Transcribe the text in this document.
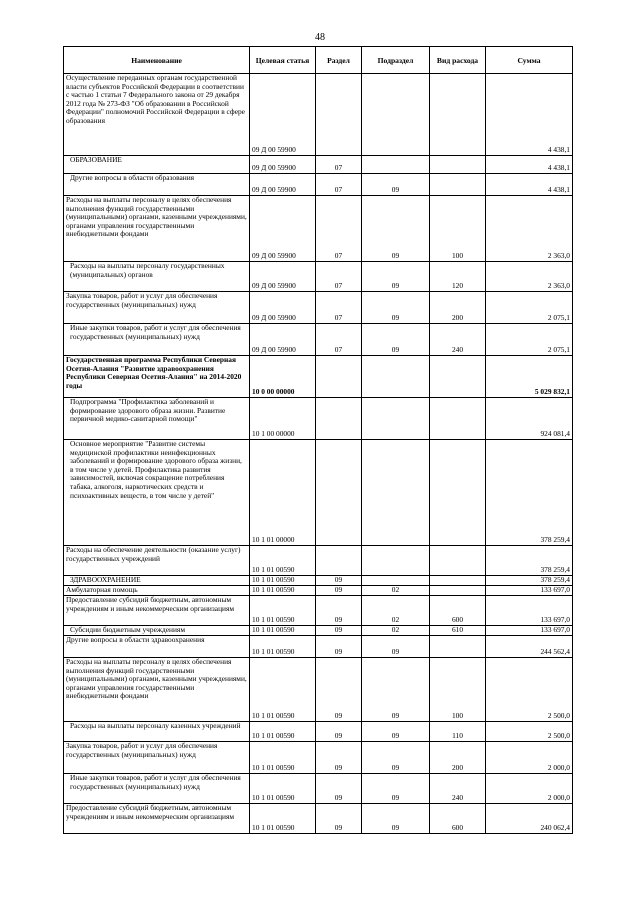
48
Наименование	Целевая статья	Раздел	Подраздел	Вид расхода	Сумма
Осуществление переданных органам государственной власти субъектов Российской Федерации в соответствии с частью 1 статьи 7 Федерального закона от 29 декабря 2012 года № 273-ФЗ "Об образовании в Российской Федерации" полномочий Российской Федерации в сфере образования	09 Д 00 59900				4 438,1
ОБРАЗОВАНИЕ	09 Д 00 59900	07			4 438,1
Другие вопросы в области образования	09 Д 00 59900	07	09		4 438,1
Расходы на выплаты персоналу в целях обеспечения выполнения функций государственными (муниципальными) органами, казенными учреждениями, органами управления государственными внебюджетными фондами	09 Д 00 59900	07	09	100	2 363,0
Расходы на выплаты персоналу государственных (муниципальных) органов	09 Д 00 59900	07	09	120	2 363,0
Закупка товаров, работ и услуг для обеспечения государственных (муниципальных) нужд	09 Д 00 59900	07	09	200	2 075,1
Иные закупки товаров, работ и услуг для обеспечения государственных (муниципальных) нужд	09 Д 00 59900	07	09	240	2 075,1
Государственная программа Республики Северная Осетия-Алания "Развитие здравоохранения Республики Северная Осетия-Алания" на 2014-2020 годы	10 0 00 00000				5 029 832,1
Подпрограмма "Профилактика заболеваний и формирование здорового образа жизни. Развитие первичной медико-санитарной помощи"	10 1 00 00000				924 081,4
Основное мероприятие "Развитие системы медицинской профилактики неинфекционных заболеваний и формирование здорового образа жизни, в том числе у детей. Профилактика развития зависимостей, включая сокращение потребления табака, алкоголя, наркотических средств и психоактивных веществ, в том числе у детей"	10 1 01 00000				378 259,4
Расходы на обеспечение деятельности (оказание услуг) государственных учреждений	10 1 01 00590				378 259,4
ЗДРАВООХРАНЕНИЕ	10 1 01 00590	09			378 259,4
Амбулаторная помощь	10 1 01 00590	09	02		133 697,0
Предоставление субсидий бюджетным, автономным учреждениям и иным некоммерческим организациям	10 1 01 00590	09	02	600	133 697,0
Субсидии бюджетным учреждениям	10 1 01 00590	09	02	610	133 697,0
Другие вопросы в области здравоохранения	10 1 01 00590	09	09		244 562,4
Расходы на выплаты персоналу в целях обеспечения выполнения функций государственными (муниципальными) органами, казенными учреждениями, органами управления государственными внебюджетными фондами	10 1 01 00590	09	09	100	2 500,0
Расходы на выплаты персоналу казенных учреждений	10 1 01 00590	09	09	110	2 500,0
Закупка товаров, работ и услуг для обеспечения государственных (муниципальных) нужд	10 1 01 00590	09	09	200	2 000,0
Иные закупки товаров, работ и услуг для обеспечения государственных (муниципальных) нужд	10 1 01 00590	09	09	240	2 000,0
Предоставление субсидий бюджетным, автономным учреждениям и иным некоммерческим организациям	10 1 01 00590	09	09	600	240 062,4
